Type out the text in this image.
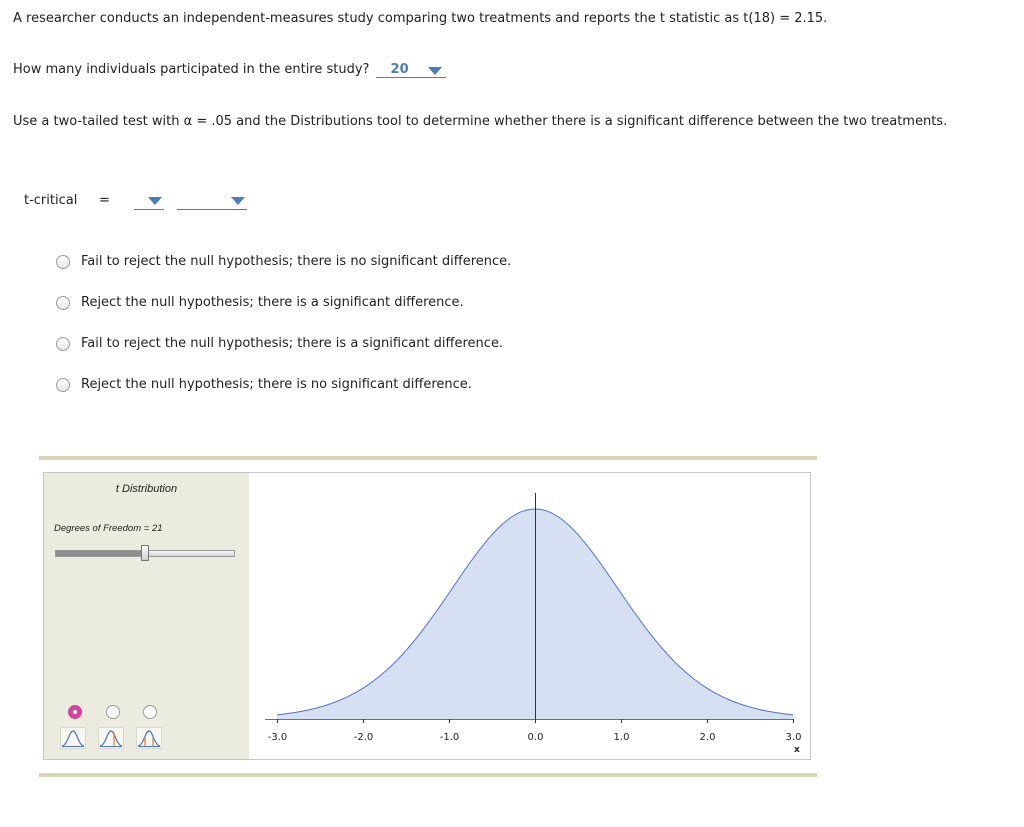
A researcher conducts an independent-measures study comparing two treatments and reports the t statistic as t(18) = 2.15.
How many individuals participated in the entire study? 20
Use a two-tailed test with α = .05 and the Distributions tool to determine whether there is a significant difference between the two treatments.
t-critical =
Fail to reject the null hypothesis; there is no significant difference.
Reject the null hypothesis; there is a significant difference.
Fail to reject the null hypothesis; there is a significant difference.
Reject the null hypothesis; there is no significant difference.
t Distribution
Degrees of Freedom = 21
-3.0	-2.0	-1.0	0.0	1.0	2.0	3.0
x
